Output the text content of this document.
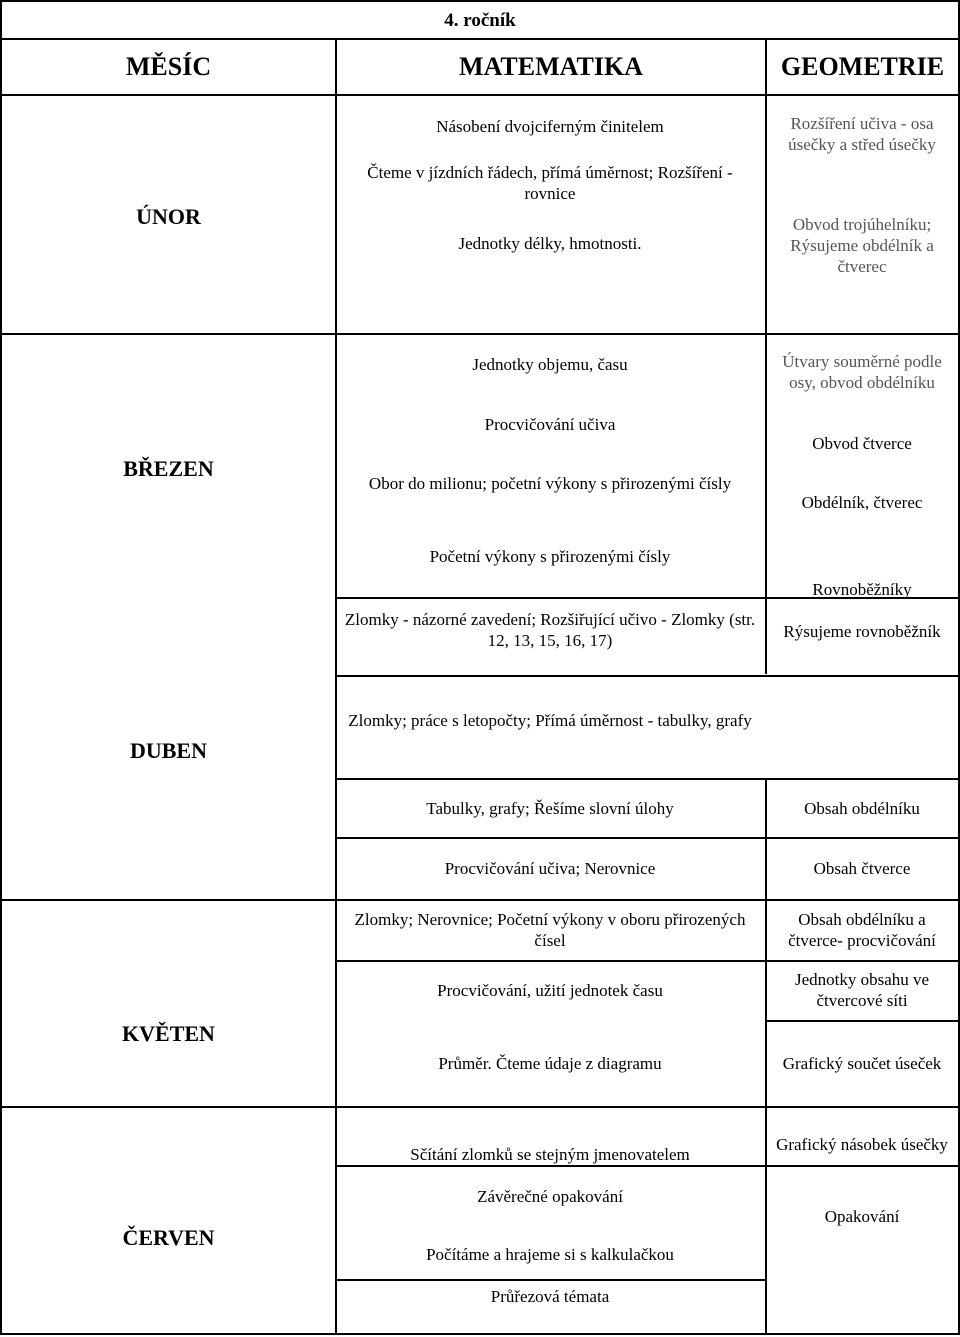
4. ročník
MĚSÍC	MATEMATIKA	GEOMETRIE
ÚNOR
BŘEZEN
DUBEN
KVĚTEN
ČERVEN
Násobení dvojciferným činitelem
Čteme v jízdních řádech, přímá úměrnost; Rozšíření - rovnice
Jednotky délky, hmotnosti.
Jednotky objemu, času
Procvičování učiva
Obor do milionu; početní výkony s přirozenými čísly
Početní výkony s přirozenými čísly
Zlomky - názorné zavedení; Rozšiřující učivo - Zlomky (str. 12, 13, 15, 16, 17)
Zlomky; práce s letopočty; Přímá úměrnost - tabulky, grafy
Tabulky, grafy; Řešíme slovní úlohy
Procvičování učiva; Nerovnice
Zlomky; Nerovnice; Početní výkony v oboru přirozených čísel
Procvičování, užití jednotek času
Průměr. Čteme údaje z diagramu
Sčítání zlomků se stejným jmenovatelem
Závěrečné opakování
Počítáme a hrajeme si s kalkulačkou
Průřezová témata
Rozšíření učiva - osa úsečky a střed úsečky
Obvod trojúhelníku; Rýsujeme obdélník a čtverec
Útvary souměrné podle osy, obvod obdélníku
Obvod čtverce
Obdélník, čtverec
Rovnoběžníky
Rýsujeme rovnoběžník
Obsah obdélníku
Obsah čtverce
Obsah obdélníku a čtverce- procvičování
Jednotky obsahu ve čtvercové síti
Grafický součet úseček
Grafický násobek úsečky
Opakování
